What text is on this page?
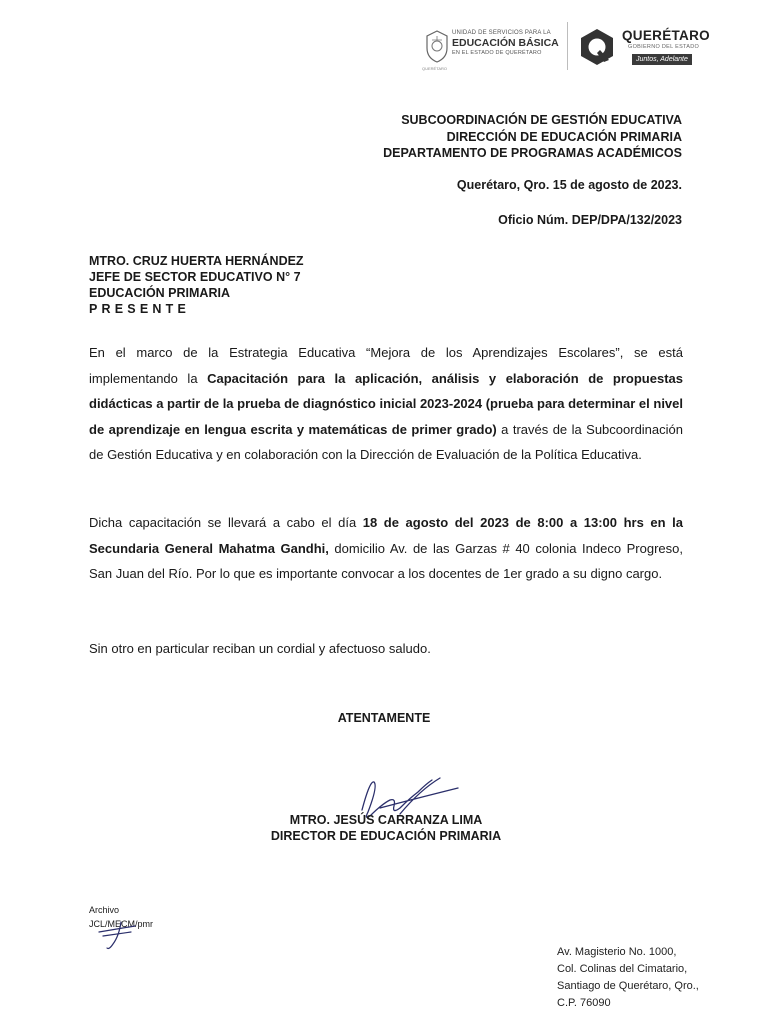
UNIDAD DE SERVICIOS PARA LA
EDUCACIÓN BÁSICA
EN EL ESTADO DE QUERÉTARO
QUERÉTARO
QUERÉTARO
GOBIERNO DEL ESTADO
Juntos, Adelante
SUBCOORDINACIÓN DE GESTIÓN EDUCATIVA
DIRECCIÓN DE EDUCACIÓN PRIMARIA
DEPARTAMENTO DE PROGRAMAS ACADÉMICOS
Querétaro, Qro. 15 de agosto de 2023.
Oficio Núm. DEP/DPA/132/2023
MTRO. CRUZ HUERTA HERNÁNDEZ
JEFE DE SECTOR EDUCATIVO N° 7
EDUCACIÓN PRIMARIA
PRESENTE
En el marco de la Estrategia Educativa “Mejora de los Aprendizajes Escolares”, se está implementando la Capacitación para la aplicación, análisis y elaboración de propuestas didácticas a partir de la prueba de diagnóstico inicial 2023-2024 (prueba para determinar el nivel de aprendizaje en lengua escrita y matemáticas de primer grado) a través de la Subcoordinación de Gestión Educativa y en colaboración con la Dirección de Evaluación de la Política Educativa.
Dicha capacitación se llevará a cabo el día 18 de agosto del 2023 de 8:00 a 13:00 hrs en la Secundaria General Mahatma Gandhi, domicilio Av. de las Garzas # 40 colonia Indeco Progreso, San Juan del Río. Por lo que es importante convocar a los docentes de 1er grado a su digno cargo.
Sin otro en particular reciban un cordial y afectuoso saludo.
ATENTAMENTE
MTRO. JESÚS CARRANZA LIMA
DIRECTOR DE EDUCACIÓN PRIMARIA
Archivo
JCL/MECM/pmr
Av. Magisterio No. 1000,
Col. Colinas del Cimatario,
Santiago de Querétaro, Qro.,
C.P. 76090
